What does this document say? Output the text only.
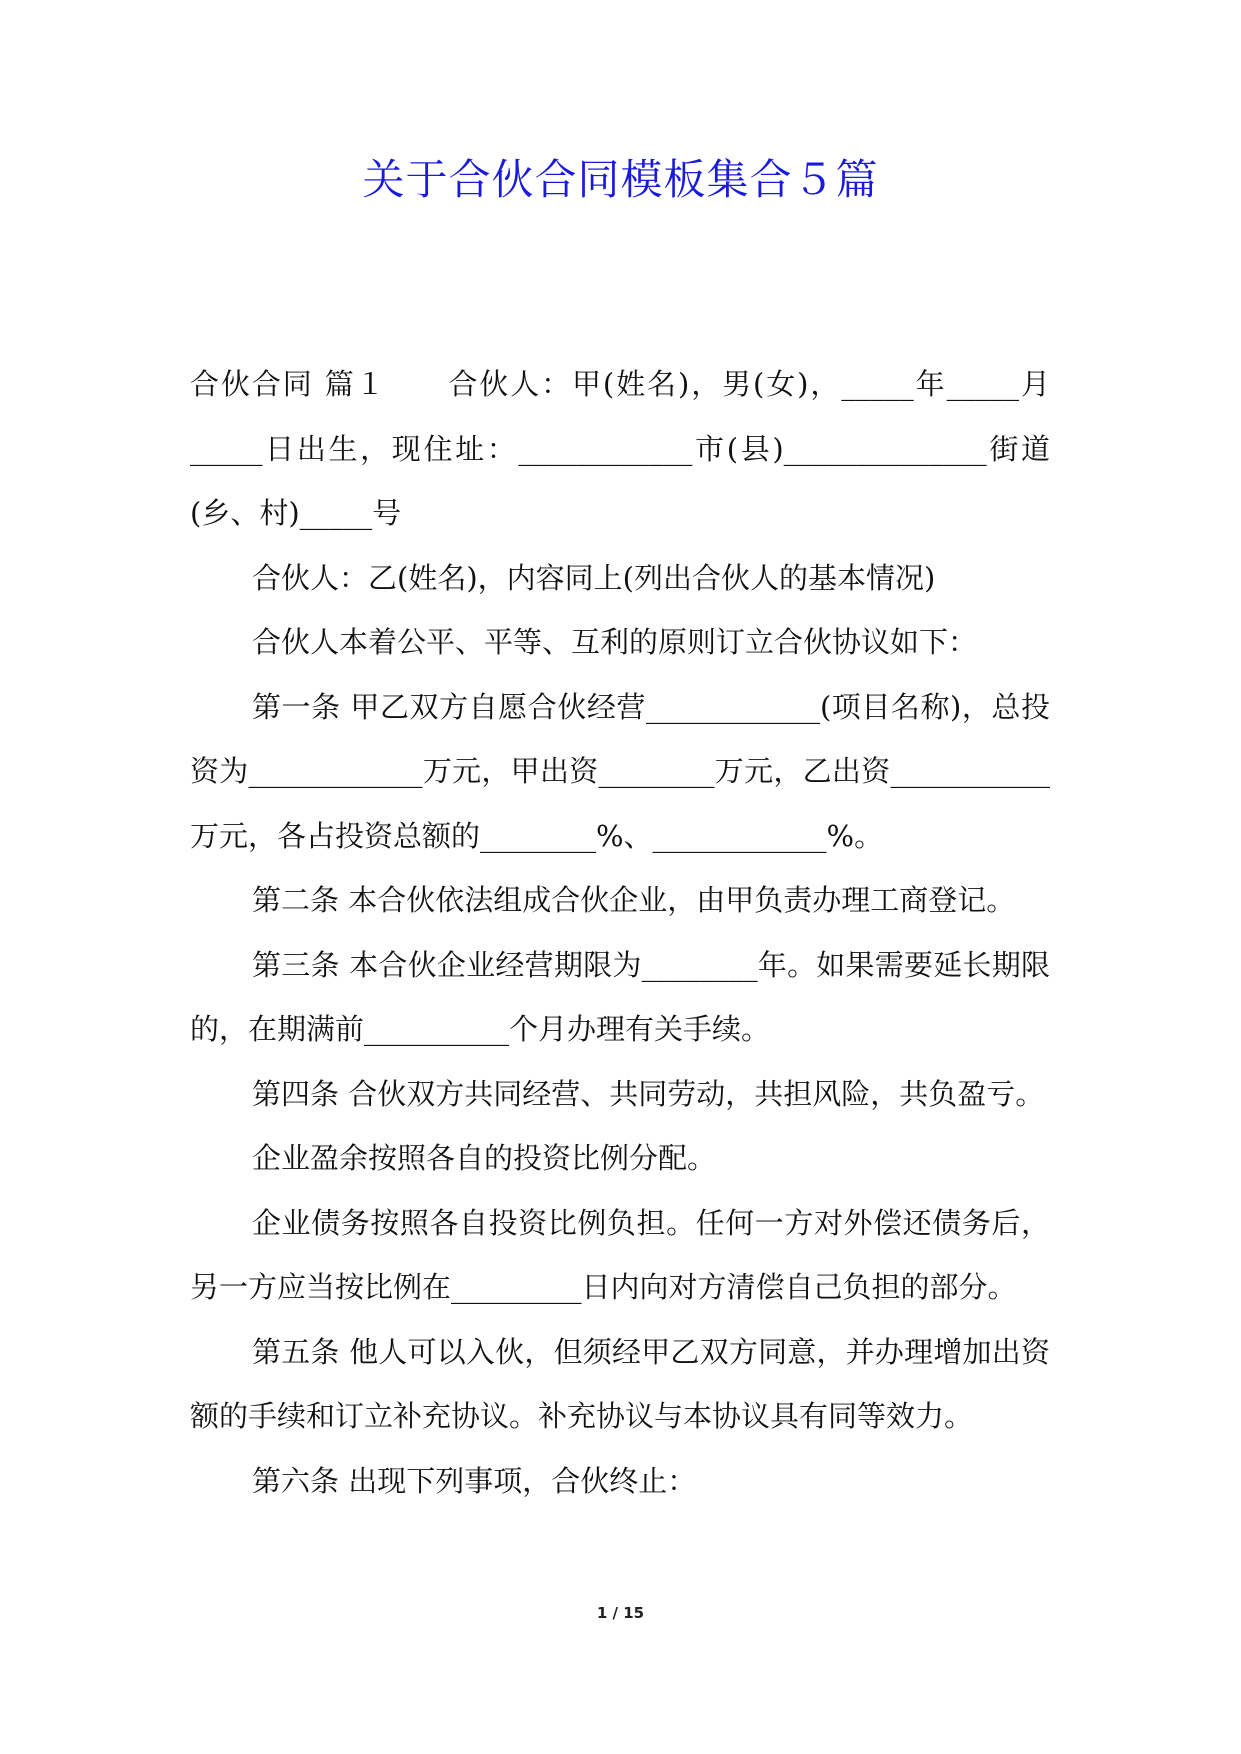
关于合伙合同模板集合５篇

合伙合同 篇１　　合伙人：甲(姓名)，男(女)，_____年_____月_____日出生，现住址：____________市(县)______________街道(乡、村)_____号

合伙人：乙(姓名)，内容同上(列出合伙人的基本情况)

合伙人本着公平、平等、互利的原则订立合伙协议如下：

第一条 甲乙双方自愿合伙经营____________(项目名称)，总投资为____________万元，甲出资________万元，乙出资___________万元，各占投资总额的________%、____________%。

第二条 本合伙依法组成合伙企业，由甲负责办理工商登记。

第三条 本合伙企业经营期限为________年。如果需要延长期限的，在期满前__________个月办理有关手续。

第四条 合伙双方共同经营、共同劳动，共担风险，共负盈亏。

企业盈余按照各自的投资比例分配。

企业债务按照各自投资比例负担。任何一方对外偿还债务后，另一方应当按比例在_________日内向对方清偿自己负担的部分。

第五条 他人可以入伙，但须经甲乙双方同意，并办理增加出资额的手续和订立补充协议。补充协议与本协议具有同等效力。

第六条 出现下列事项，合伙终止：

1 / 15
